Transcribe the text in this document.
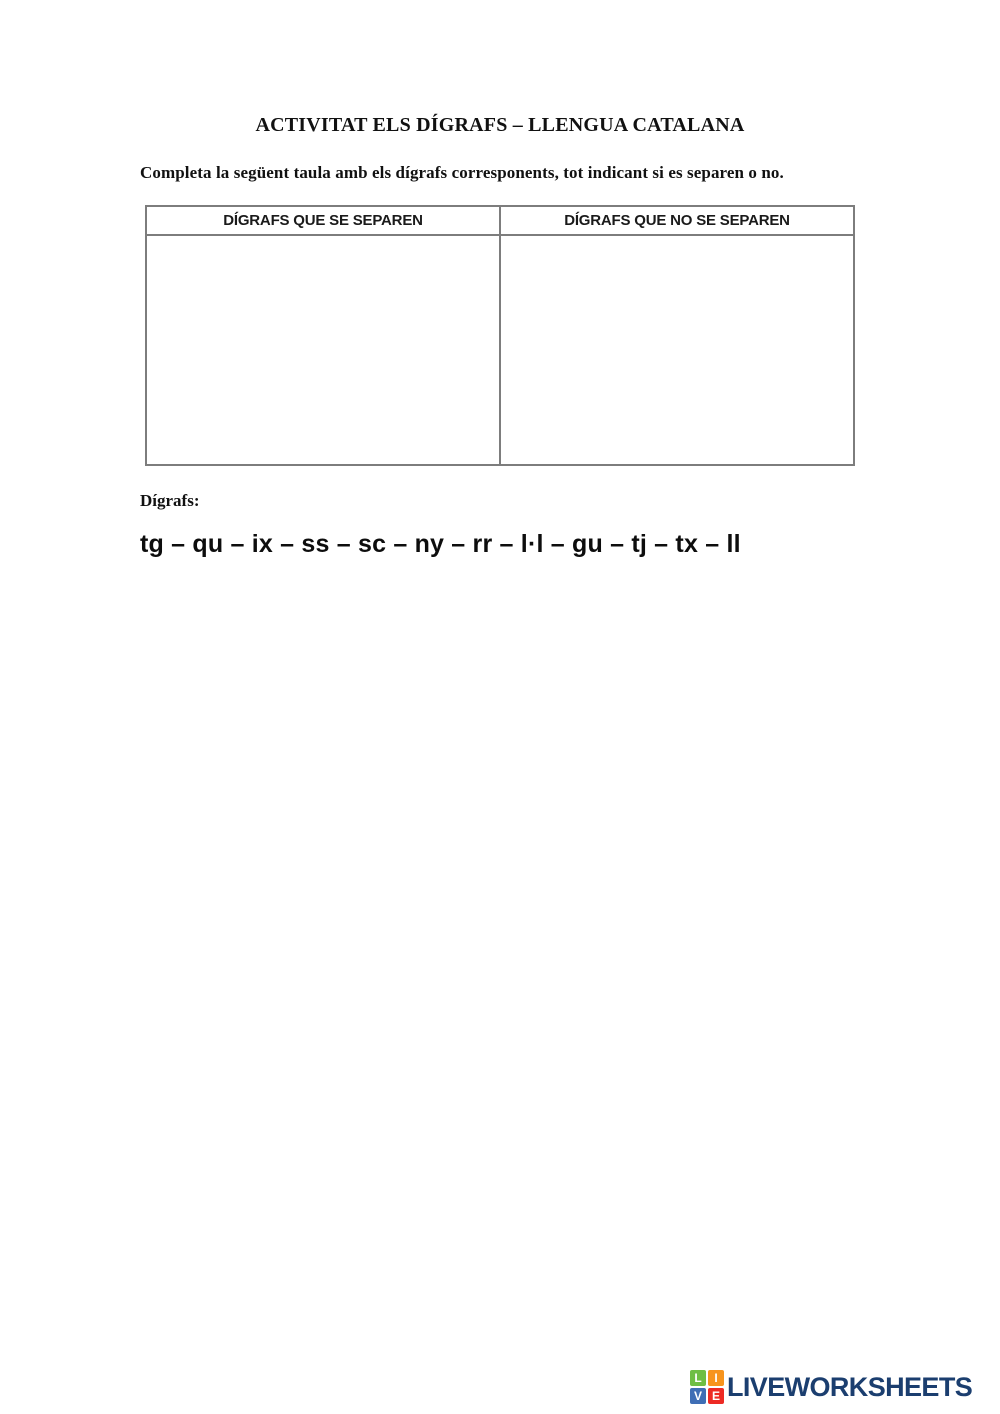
ACTIVITAT ELS DÍGRAFS – LLENGUA CATALANA

Completa la següent taula amb els dígrafs corresponents, tot indicant si es separen o no.

DÍGRAFS QUE SE SEPAREN	DÍGRAFS QUE NO SE SEPAREN

Dígrafs:

tg – qu – ix – ss – sc – ny – rr – l·l – gu – tj – tx – ll

L	I
V E LIVEWORKSHEETS
